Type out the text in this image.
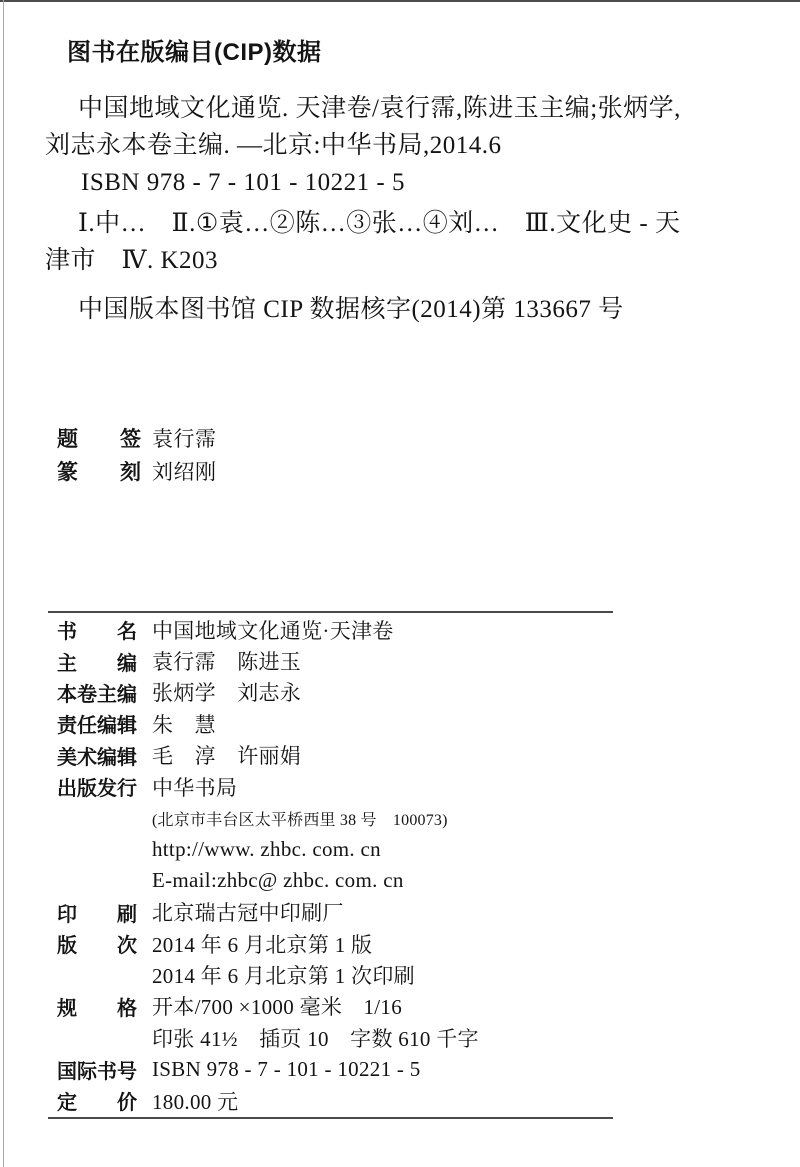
图书在版编目(CIP)数据
中国地域文化通览. 天津卷/袁行霈,陈进玉主编;张炳学,
刘志永本卷主编. —北京:中华书局,2014.6
ISBN 978 - 7 - 101 - 10221 - 5
Ⅰ.中…　Ⅱ.①袁…②陈…③张…④刘…　Ⅲ.文化史 - 天
津市　Ⅳ. K203
中国版本图书馆 CIP 数据核字(2014)第 133667 号
题　　签 袁行霈
篆　　刻 刘绍刚
书　　名 中国地域文化通览·天津卷
主　　编 袁行霈　陈进玉
本卷主编 张炳学　刘志永
责任编辑 朱　慧
美术编辑 毛　淳　许丽娟
出版发行 中华书局
(北京市丰台区太平桥西里 38 号　100073)
http://www. zhbc. com. cn
E-mail:zhbc@ zhbc. com. cn
印　　刷 北京瑞古冠中印刷厂
版　　次 2014 年 6 月北京第 1 版
2014 年 6 月北京第 1 次印刷
规　　格 开本/700 ×1000 毫米　1/16
印张 41½　插页 10　字数 610 千字
国际书号 ISBN 978 - 7 - 101 - 10221 - 5
定　　价 180.00 元
